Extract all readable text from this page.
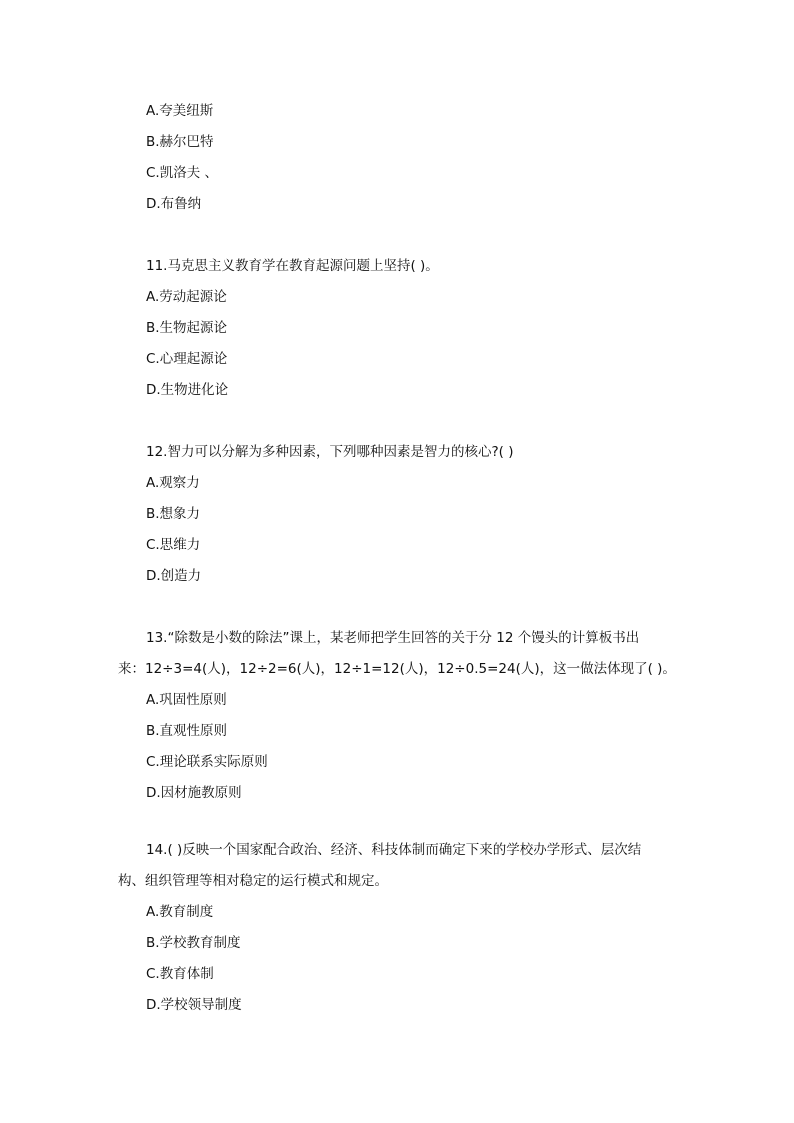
A.夸美纽斯
B.赫尔巴特
C.凯洛夫 、
D.布鲁纳
11.马克思主义教育学在教育起源问题上坚持( )。
A.劳动起源论
B.生物起源论
C.心理起源论
D.生物进化论
12.智力可以分解为多种因素，下列哪种因素是智力的核心?( )
A.观察力
B.想象力
C.思维力
D.创造力
13.“除数是小数的除法”课上，某老师把学生回答的关于分 12 个馒头的计算板书出
来：12÷3=4(人)，12÷2=6(人)，12÷1=12(人)，12÷0.5=24(人)，这一做法体现了( )。
A.巩固性原则
B.直观性原则
C.理论联系实际原则
D.因材施教原则
14.( )反映一个国家配合政治、经济、科技体制而确定下来的学校办学形式、层次结
构、组织管理等相对稳定的运行模式和规定。
A.教育制度
B.学校教育制度
C.教育体制
D.学校领导制度
